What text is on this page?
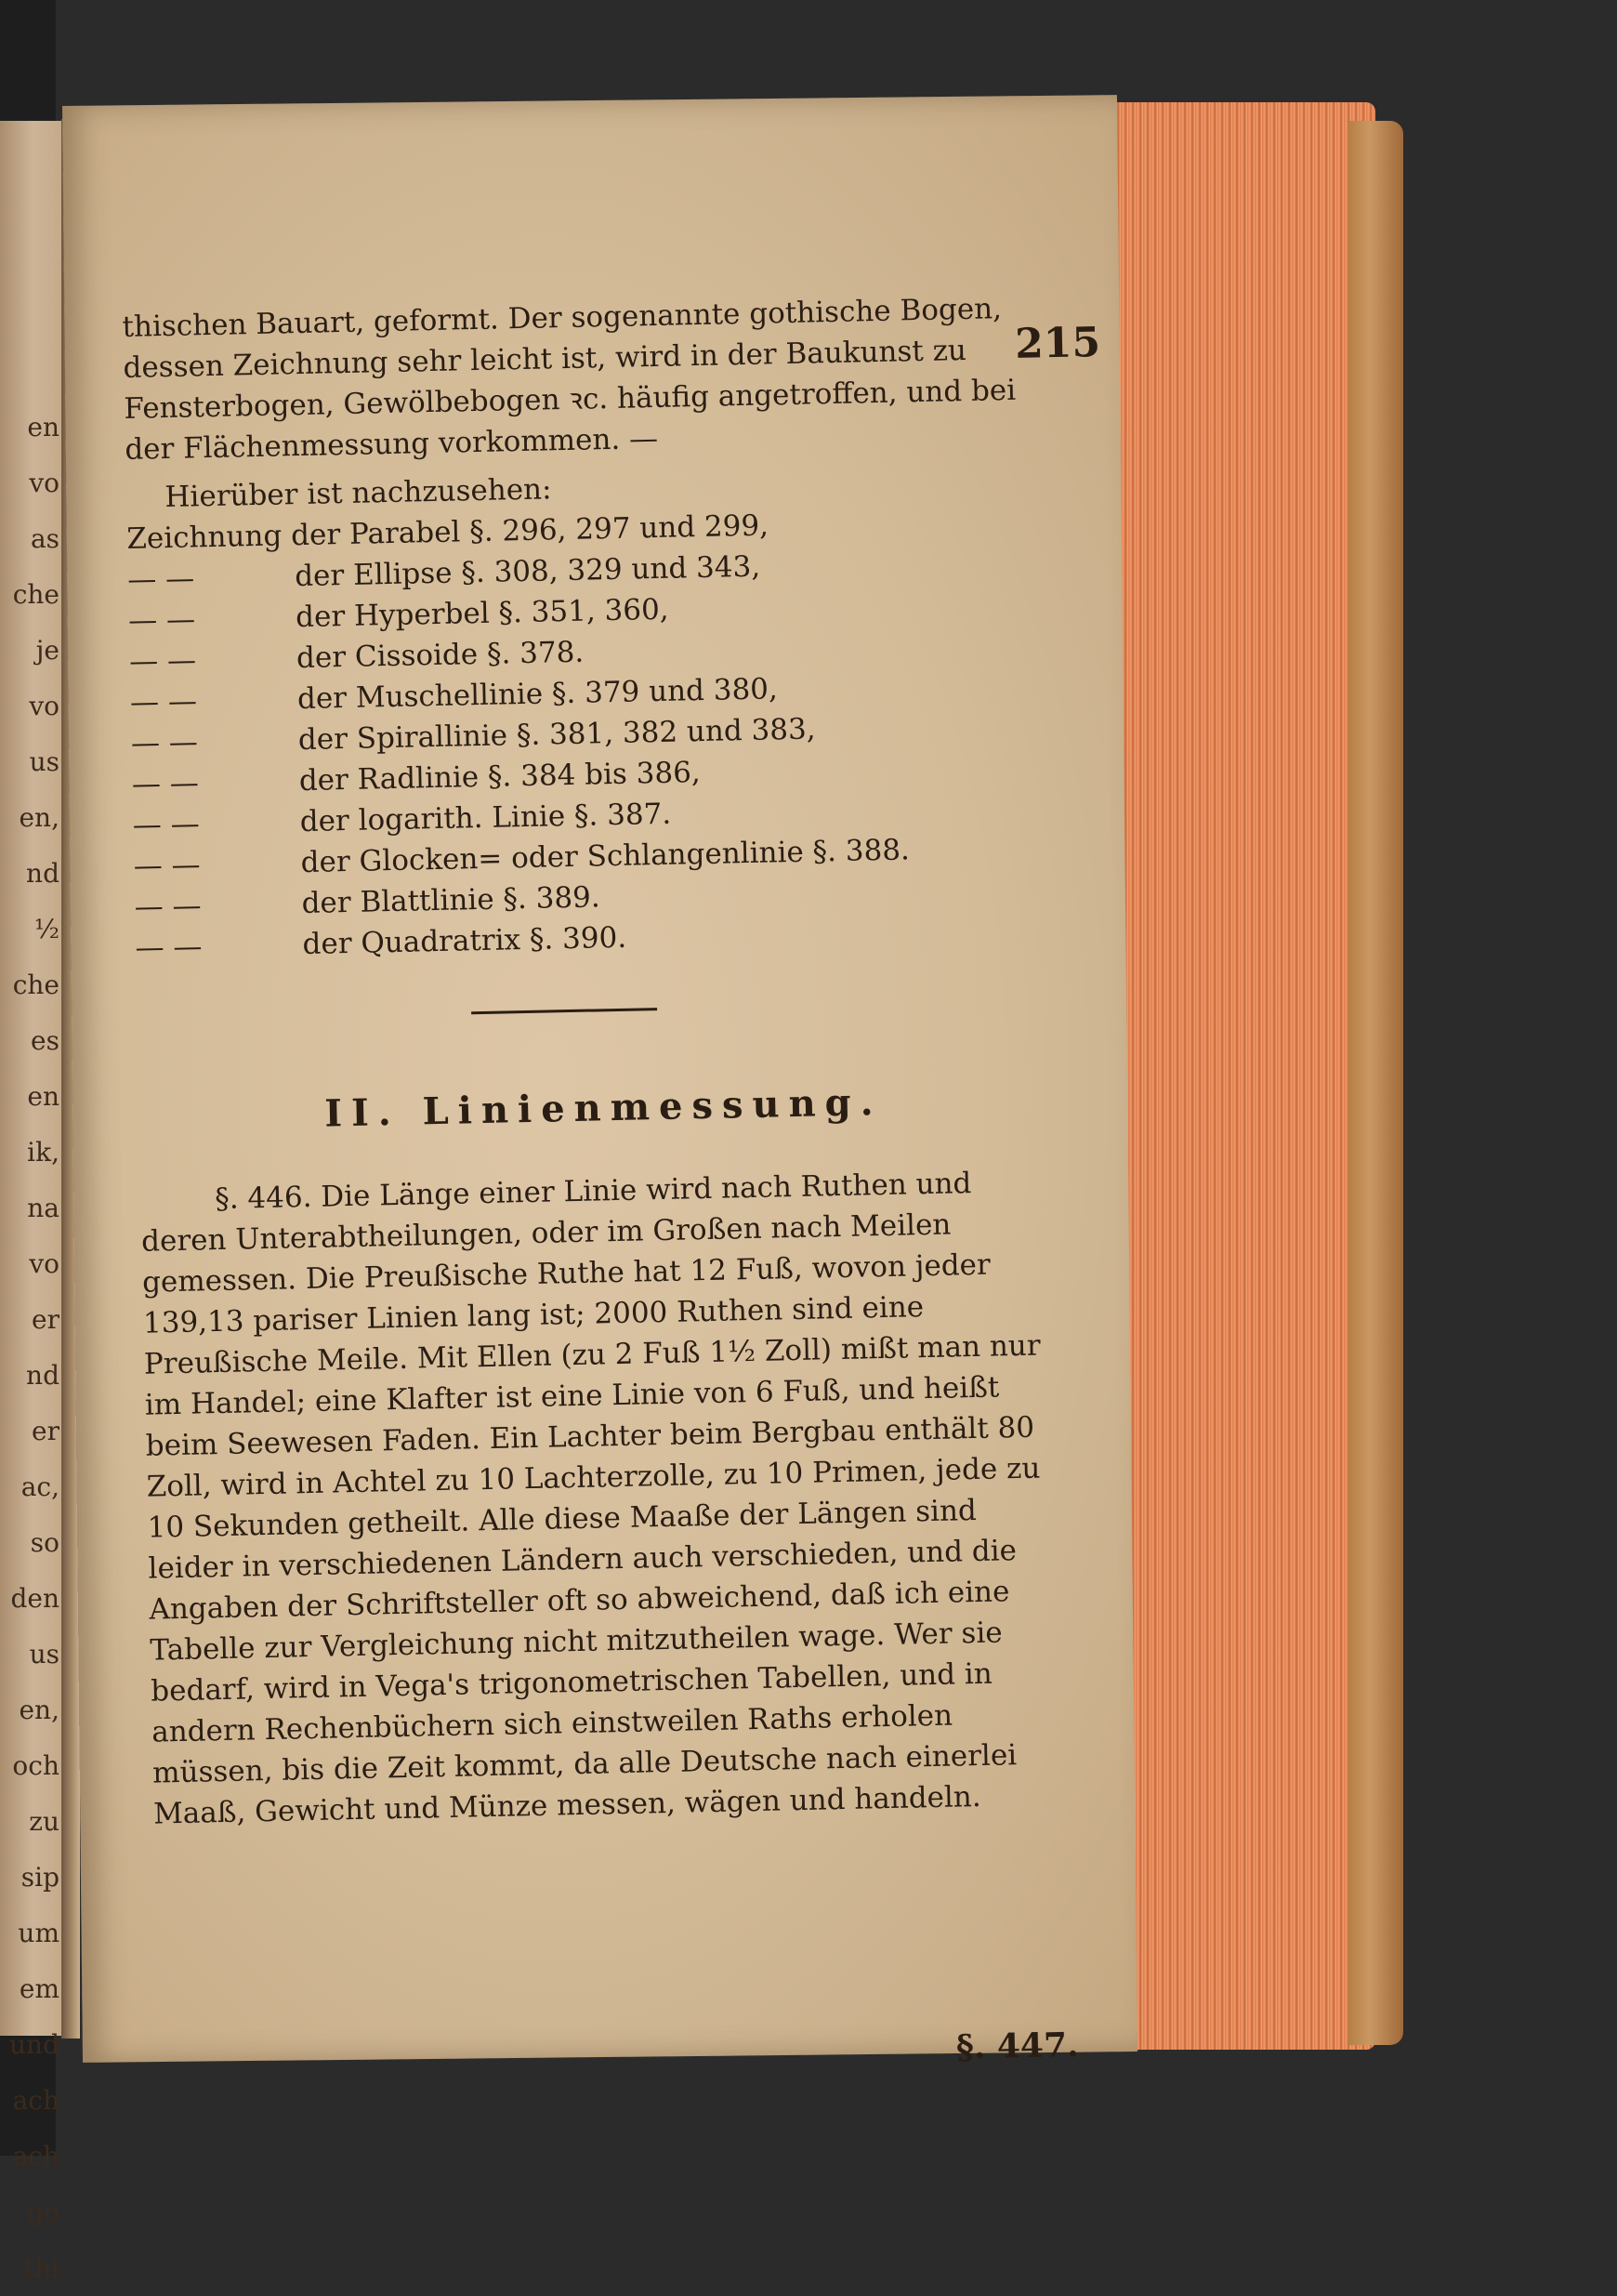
en
vo
as
che
je
vo
us
en,
nd
½
che
es
en
ik,
na
vo
er
nd
er
ac,
so
den
us
en,
och
zu
sip
um
em
und
ach
ach
go
thi
215
thischen Bauart, geformt. Der sogenannte gothische Bogen, dessen Zeichnung sehr leicht ist, wird in der Baukunst zu Fensterbogen, Gewölbebogen ꝛc. häufig angetroffen, und bei der Flächenmessung vorkommen. —
Hierüber ist nachzusehen:
Zeichnung der Parabel §. 296, 297 und 299,
— —	der Ellipse §. 308, 329 und 343,
— —	der Hyperbel §. 351, 360,
— —	der Cissoide §. 378.
— —	der Muschellinie §. 379 und 380,
— —	der Spirallinie §. 381, 382 und 383,
— —	der Radlinie §. 384 bis 386,
— —	der logarith. Linie §. 387.
— —	der Glocken= oder Schlangenlinie §. 388.
— —	der Blattlinie §. 389.
— —	der Quadratrix §. 390.
II. Linienmessung.
§. 446. Die Länge einer Linie wird nach Ruthen und deren Unterabtheilungen, oder im Großen nach Meilen gemessen. Die Preußische Ruthe hat 12 Fuß, wovon jeder 139,13 pariser Linien lang ist; 2000 Ruthen sind eine Preußische Meile. Mit Ellen (zu 2 Fuß 1½ Zoll) mißt man nur im Handel; eine Klafter ist eine Linie von 6 Fuß, und heißt beim Seewesen Faden. Ein Lachter beim Bergbau enthält 80 Zoll, wird in Achtel zu 10 Lachterzolle, zu 10 Primen, jede zu 10 Sekunden getheilt. Alle diese Maaße der Längen sind leider in verschiedenen Ländern auch verschieden, und die Angaben der Schriftsteller oft so abweichend, daß ich eine Tabelle zur Vergleichung nicht mitzutheilen wage. Wer sie bedarf, wird in Vega's trigonometrischen Tabellen, und in andern Rechenbüchern sich einstweilen Raths erholen müssen, bis die Zeit kommt, da alle Deutsche nach einerlei Maaß, Gewicht und Münze messen, wägen und handeln.
§. 447.
